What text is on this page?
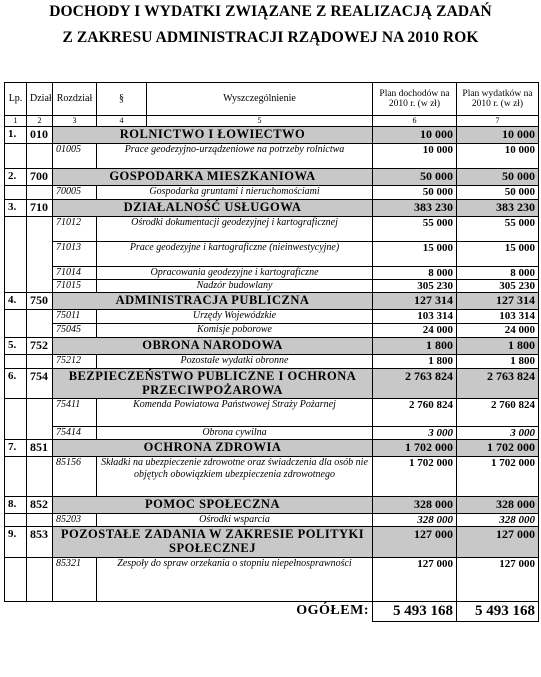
DOCHODY I WYDATKI ZWIĄZANE Z REALIZACJĄ ZADAŃ
Z ZAKRESU ADMINISTRACJI RZĄDOWEJ NA 2010 ROK
Lp.	Dział	Rozdział	§	Wyszczególnienie	Plan dochodów na 2010 r. (w zł)	Plan wydatków na 2010 r. (w zł)
1	2	3	4	5	6	7
1.	010	ROLNICTWO I ŁOWIECTWO			10 000	10 000
		01005	Prace geodezyjno-urządzeniowe na potrzeby rolnictwa		10 000	10 000
2.	700	GOSPODARKA MIESZKANIOWA			50 000	50 000
		70005	Gospodarka gruntami i nieruchomościami		50 000	50 000
3.	710	DZIAŁALNOŚĆ USŁUGOWA			383 230	383 230
		71012	Ośrodki dokumentacji geodezyjnej i kartograficznej		55 000	55 000
		71013	Prace geodezyjne i kartograficzne (nieinwestycyjne)		15 000	15 000
		71014	Opracowania geodezyjne i kartograficzne		8 000	8 000
		71015	Nadzór budowlany		305 230	305 230
4.	750	ADMINISTRACJA PUBLICZNA			127 314	127 314
		75011	Urzędy Wojewódzkie		103 314	103 314
		75045	Komisje poborowe		24 000	24 000
5.	752	OBRONA NARODOWA			1 800	1 800
		75212	Pozostałe wydatki obronne		1 800	1 800
6.	754	BEZPIECZEŃSTWO PUBLICZNE I OCHRONA PRZECIWPOŻAROWA			2 763 824	2 763 824
		75411	Komenda Powiatowa Państwowej Straży Pożarnej		2 760 824	2 760 824
		75414	Obrona cywilna		3 000	3 000
7.	851	OCHRONA ZDROWIA			1 702 000	1 702 000
		85156	Składki na ubezpieczenie zdrowotne oraz świadczenia dla osób nie objętych obowiązkiem ubezpieczenia zdrowotnego		1 702 000	1 702 000
8.	852	POMOC SPOŁECZNA			328 000	328 000
		85203	Ośrodki wsparcia		328 000	328 000
9.	853	POZOSTAŁE ZADANIA W ZAKRESIE POLITYKI SPOŁECZNEJ			127 000	127 000
		85321	Zespoły do spraw orzekania o stopniu niepełnosprawności		127 000	127 000
OGÓŁEM:					5 493 168	5 493 168
